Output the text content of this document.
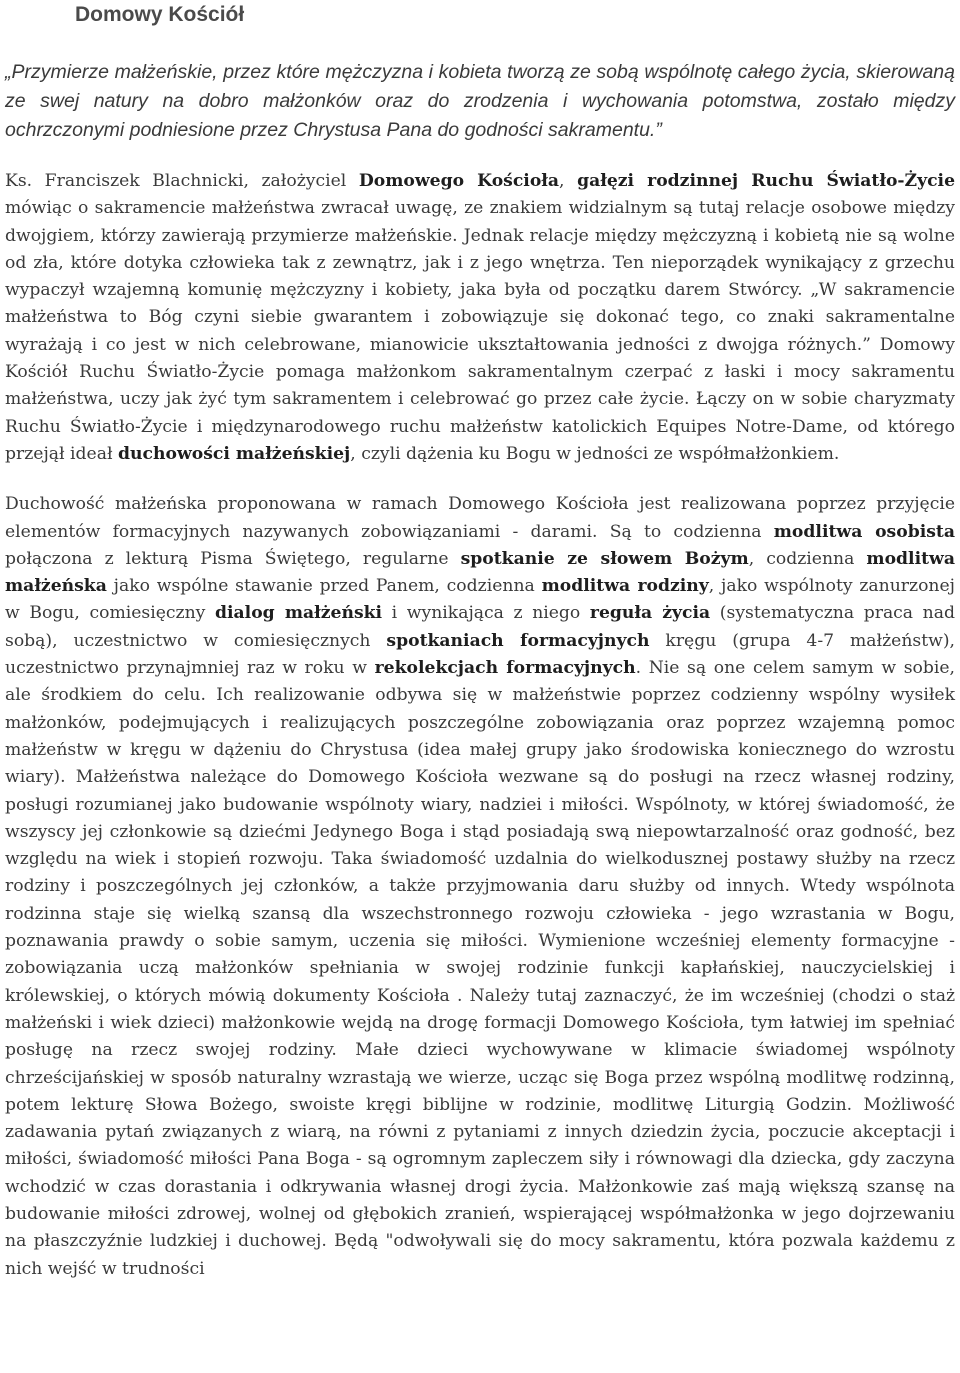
Domowy Kościół

„Przymierze małżeńskie, przez które mężczyzna i kobieta tworzą ze sobą wspólnotę całego życia, skierowaną ze swej natury na dobro małżonków oraz do zrodzenia i wychowania potomstwa, zostało między ochrzczonymi podniesione przez Chrystusa Pana do godności sakramentu.”

Ks. Franciszek Blachnicki, założyciel Domowego Kościoła, gałęzi rodzinnej Ruchu Światło-Życie mówiąc o sakramencie małżeństwa zwracał uwagę, ze znakiem widzialnym są tutaj relacje osobowe między dwojgiem, którzy zawierają przymierze małżeńskie. Jednak relacje między mężczyzną i kobietą nie są wolne od zła, które dotyka człowieka tak z zewnątrz, jak i z jego wnętrza. Ten nieporządek wynikający z grzechu wypaczył wzajemną komunię mężczyzny i kobiety, jaka była od początku darem Stwórcy. „W sakramencie małżeństwa to Bóg czyni siebie gwarantem i zobowiązuje się dokonać tego, co znaki sakramentalne wyrażają i co jest w nich celebrowane, mianowicie ukształtowania jedności z dwojga różnych.” Domowy Kościół Ruchu Światło-Życie pomaga małżonkom sakramentalnym czerpać z łaski i mocy sakramentu małżeństwa, uczy jak żyć tym sakramentem i celebrować go przez całe życie. Łączy on w sobie charyzmaty Ruchu Światło-Życie i międzynarodowego ruchu małżeństw katolickich Equipes Notre-Dame, od którego przejął ideał duchowości małżeńskiej, czyli dążenia ku Bogu w jedności ze współmałżonkiem.

Duchowość małżeńska proponowana w ramach Domowego Kościoła jest realizowana poprzez przyjęcie elementów formacyjnych nazywanych zobowiązaniami - darami. Są to codzienna modlitwa osobista połączona z lekturą Pisma Świętego, regularne spotkanie ze słowem Bożym, codzienna modlitwa małżeńska jako wspólne stawanie przed Panem, codzienna modlitwa rodziny, jako wspólnoty zanurzonej w Bogu, comiesięczny dialog małżeński i wynikająca z niego reguła życia (systematyczna praca nad sobą), uczestnictwo w comiesięcznych spotkaniach formacyjnych kręgu (grupa 4-7 małżeństw), uczestnictwo przynajmniej raz w roku w rekolekcjach formacyjnych. Nie są one celem samym w sobie, ale środkiem do celu. Ich realizowanie odbywa się w małżeństwie poprzez codzienny wspólny wysiłek małżonków, podejmujących i realizujących poszczególne zobowiązania oraz poprzez wzajemną pomoc małżeństw w kręgu w dążeniu do Chrystusa (idea małej grupy jako środowiska koniecznego do wzrostu wiary). Małżeństwa należące do Domowego Kościoła wezwane są do posługi na rzecz własnej rodziny, posługi rozumianej jako budowanie wspólnoty wiary, nadziei i miłości. Wspólnoty, w której świadomość, że wszyscy jej członkowie są dziećmi Jedynego Boga i stąd posiadają swą niepowtarzalność oraz godność, bez względu na wiek i stopień rozwoju. Taka świadomość uzdalnia do wielkodusznej postawy służby na rzecz rodziny i poszczególnych jej członków, a także przyjmowania daru służby od innych. Wtedy wspólnota rodzinna staje się wielką szansą dla wszechstronnego rozwoju człowieka - jego wzrastania w Bogu, poznawania prawdy o sobie samym, uczenia się miłości. Wymienione wcześniej elementy formacyjne - zobowiązania uczą małżonków spełniania w swojej rodzinie funkcji kapłańskiej, nauczycielskiej i królewskiej, o których mówią dokumenty Kościoła . Należy tutaj zaznaczyć, że im wcześniej (chodzi o staż małżeński i wiek dzieci) małżonkowie wejdą na drogę formacji Domowego Kościoła, tym łatwiej im spełniać posługę na rzecz swojej rodziny. Małe dzieci wychowywane w klimacie świadomej wspólnoty chrześcijańskiej w sposób naturalny wzrastają we wierze, ucząc się Boga przez wspólną modlitwę rodzinną, potem lekturę Słowa Bożego, swoiste kręgi biblijne w rodzinie, modlitwę Liturgią Godzin. Możliwość zadawania pytań związanych z wiarą, na równi z pytaniami z innych dziedzin życia, poczucie akceptacji i miłości, świadomość miłości Pana Boga - są ogromnym zapleczem siły i równowagi dla dziecka, gdy zaczyna wchodzić w czas dorastania i odkrywania własnej drogi życia. Małżonkowie zaś mają większą szansę na budowanie miłości zdrowej, wolnej od głębokich zranień, wspierającej współmałżonka w jego dojrzewaniu na płaszczyźnie ludzkiej i duchowej. Będą "odwoływali się do mocy sakramentu, która pozwala każdemu z nich wejść w trudności
